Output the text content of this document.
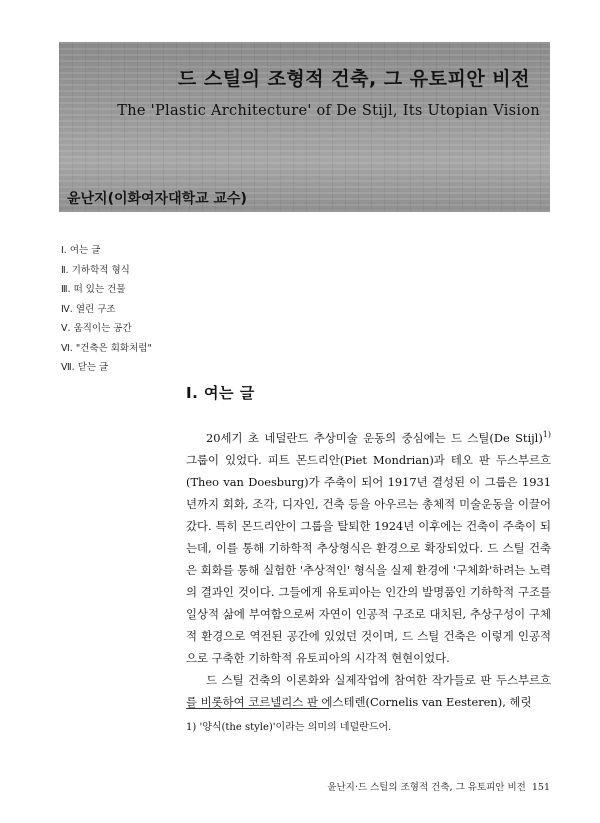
드 스틸의 조형적 건축, 그 유토피안 비전
The 'Plastic Architecture' of De Stijl, Its Utopian Vision
윤난지(이화여자대학교 교수)
Ⅰ. 여는 글
Ⅱ. 기하학적 형식
Ⅲ. 떠 있는 건물
Ⅳ. 열린 구조
Ⅴ. 움직이는 공간
Ⅵ. "건축은 회화처럼"
Ⅶ. 닫는 글
Ⅰ. 여는 글

20세기 초 네덜란드 추상미술 운동의 중심에는 드 스틸(De Stijl)$^{1)}$ 그룹이 있었다. 피트 몬드리안(Piet Mondrian)과 테오 판 두스부르흐(Theo van Doesburg)가 주축이 되어 1917년 결성된 이 그룹은 1931년까지 회화, 조각, 디자인, 건축 등을 아우르는 총체적 미술운동을 이끌어 갔다. 특히 몬드리안이 그룹을 탈퇴한 1924년 이후에는 건축이 주축이 되는데, 이를 통해 기하학적 추상형식은 환경으로 확장되었다. 드 스틸 건축은 회화를 통해 실험한 '추상적인' 형식을 실제 환경에 '구체화'하려는 노력의 결과인 것이다. 그들에게 유토피아는 인간의 발명품인 기하학적 구조를 일상적 삶에 부여함으로써 자연이 인공적 구조로 대치된, 추상구성이 구체적 환경으로 역전된 공간에 있었던 것이며, 드 스틸 건축은 이렇게 인공적으로 구축한 기하학적 유토피아의 시각적 현현이었다.

드 스틸 건축의 이론화와 실제작업에 참여한 작가들로 판 두스부르흐를 비롯하여 코르넬리스 판 에스테렌(Cornelis van Eesteren), 헤릿

1) '양식(the style)'이라는 의미의 네덜란드어.
윤난지·드 스틸의 조형적 건축, 그 유토피안 비전 151
